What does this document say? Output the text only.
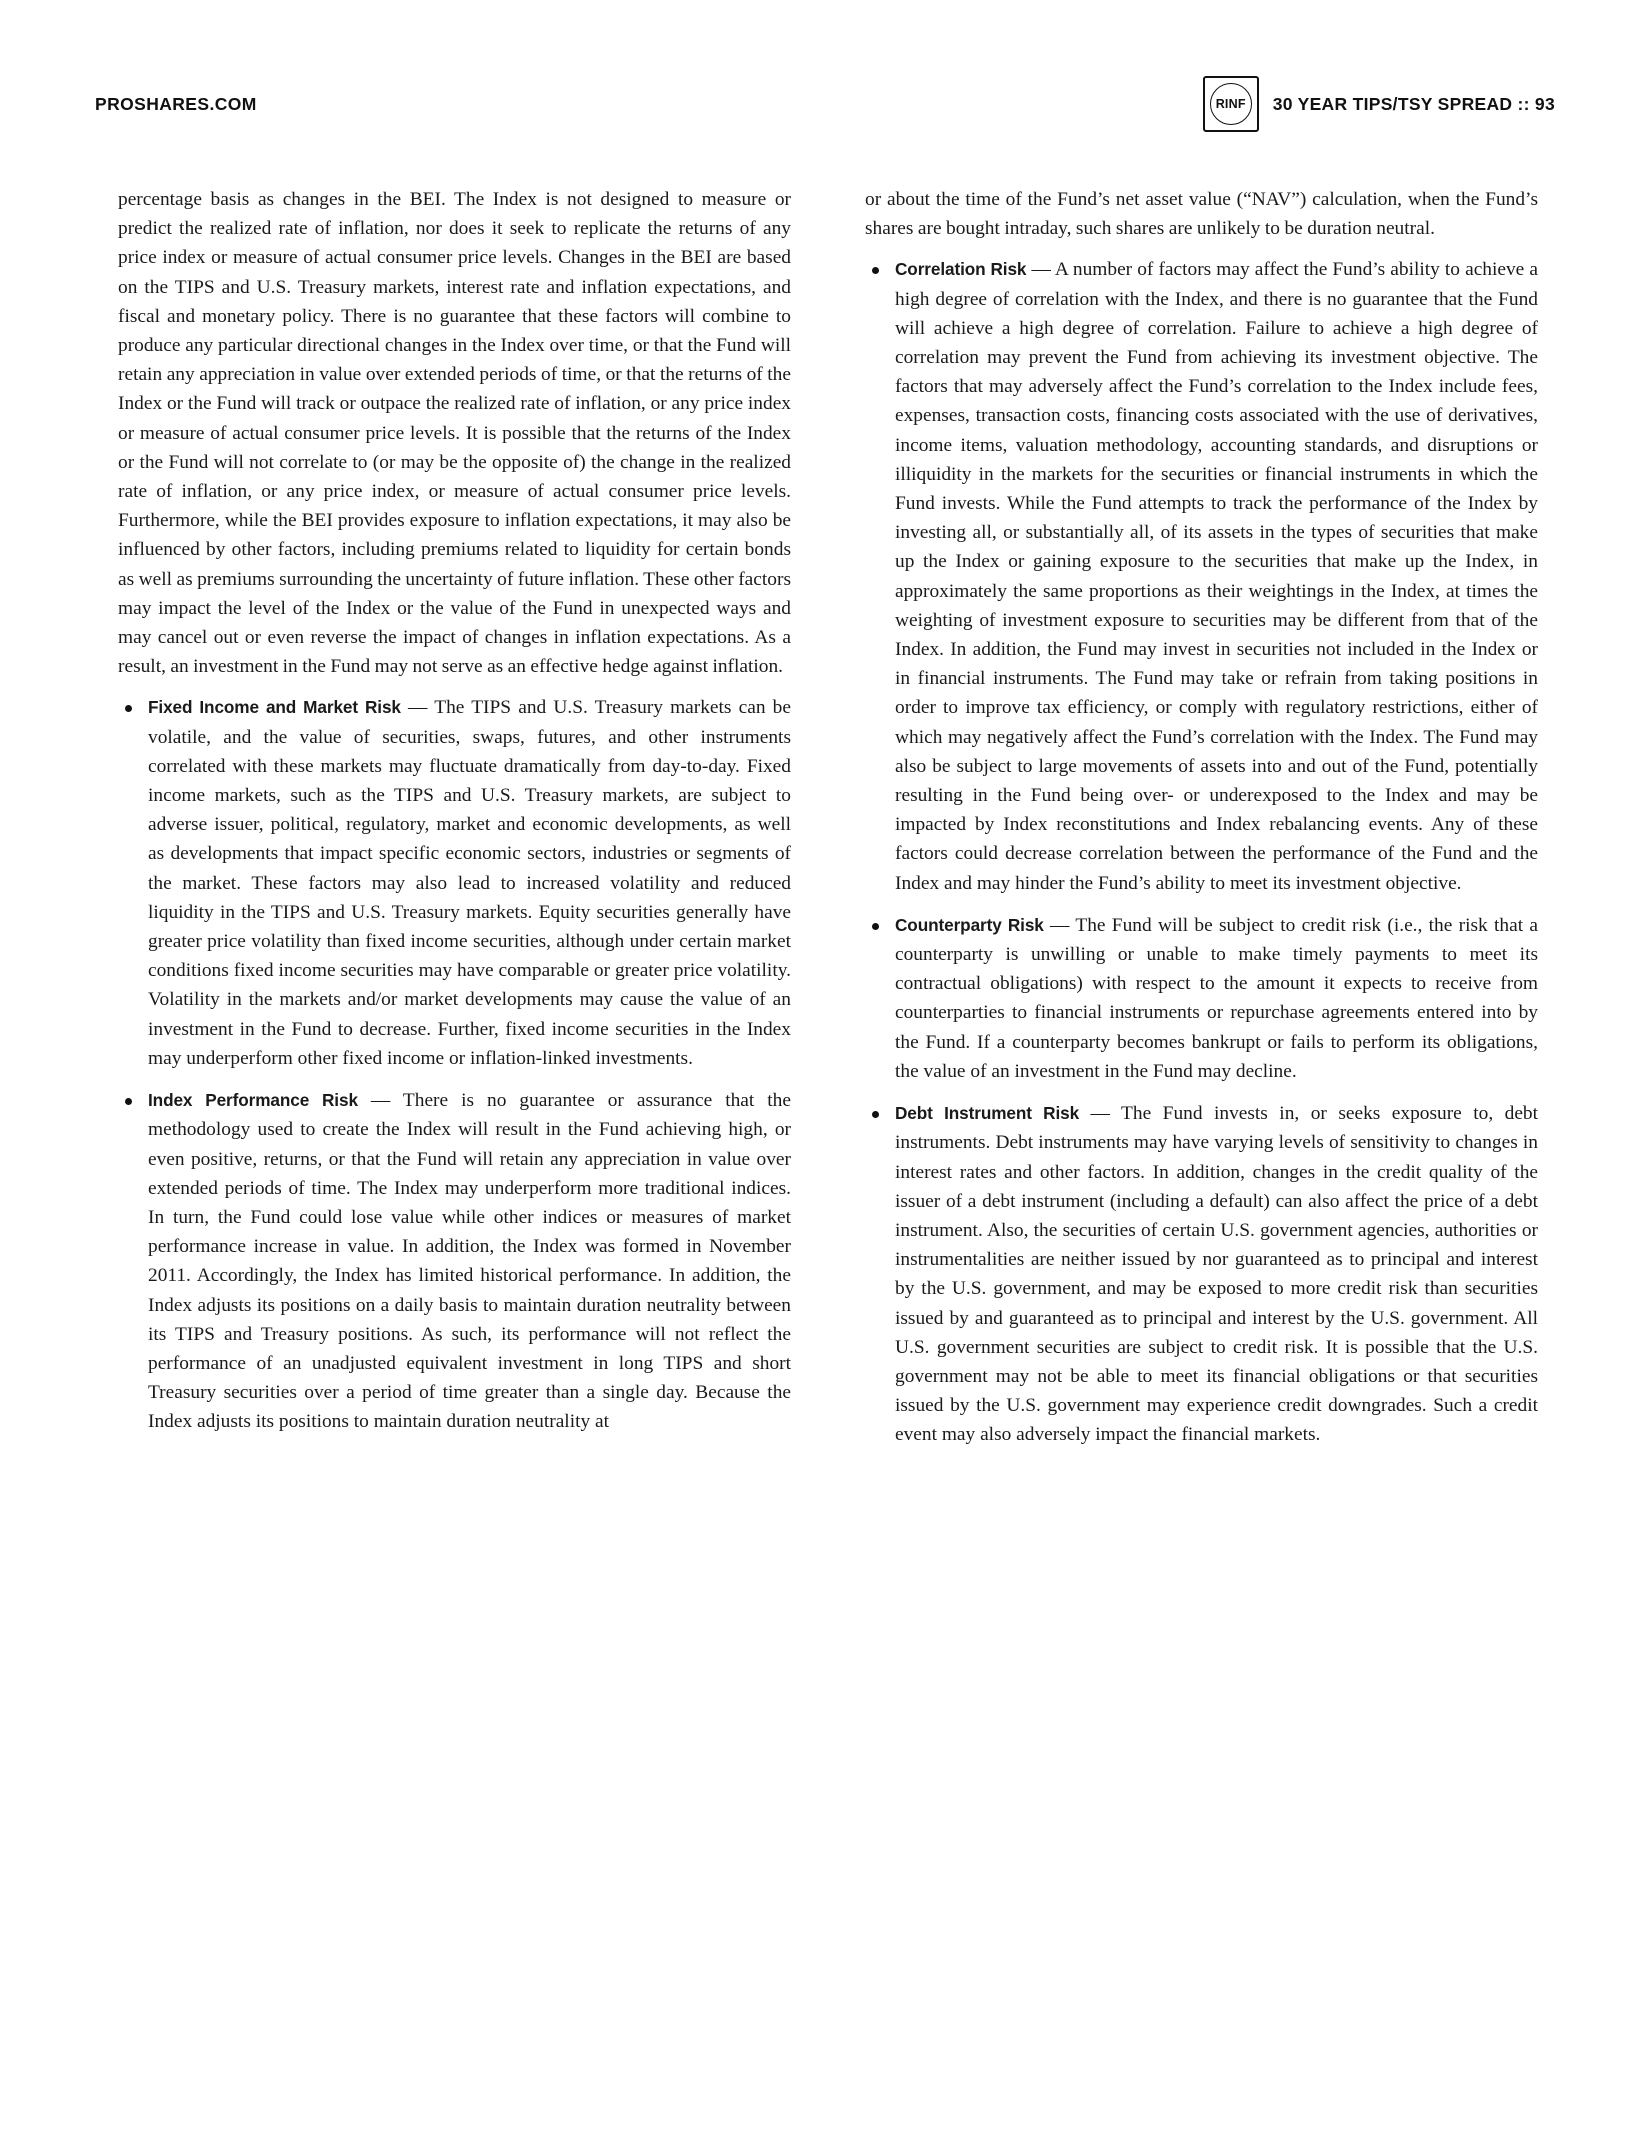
PROSHARES.COM	RINF	30 YEAR TIPS/TSY SPREAD :: 93

percentage basis as changes in the BEI. The Index is not designed to measure or predict the realized rate of inflation, nor does it seek to replicate the returns of any price index or measure of actual consumer price levels. Changes in the BEI are based on the TIPS and U.S. Treasury markets, interest rate and inflation expectations, and fiscal and monetary policy. There is no guarantee that these factors will combine to produce any particular directional changes in the Index over time, or that the Fund will retain any appreciation in value over extended periods of time, or that the returns of the Index or the Fund will track or outpace the realized rate of inflation, or any price index or measure of actual consumer price levels. It is possible that the returns of the Index or the Fund will not correlate to (or may be the opposite of) the change in the realized rate of inflation, or any price index, or measure of actual consumer price levels. Furthermore, while the BEI provides exposure to inflation expectations, it may also be influenced by other factors, including premiums related to liquidity for certain bonds as well as premiums surrounding the uncertainty of future inflation. These other factors may impact the level of the Index or the value of the Fund in unexpected ways and may cancel out or even reverse the impact of changes in inflation expectations. As a result, an investment in the Fund may not serve as an effective hedge against inflation.

Fixed Income and Market Risk — The TIPS and U.S. Treasury markets can be volatile, and the value of securities, swaps, futures, and other instruments correlated with these markets may fluctuate dramatically from day-to-day. Fixed income markets, such as the TIPS and U.S. Treasury markets, are subject to adverse issuer, political, regulatory, market and economic developments, as well as developments that impact specific economic sectors, industries or segments of the market. These factors may also lead to increased volatility and reduced liquidity in the TIPS and U.S. Treasury markets. Equity securities generally have greater price volatility than fixed income securities, although under certain market conditions fixed income securities may have comparable or greater price volatility. Volatility in the markets and/or market developments may cause the value of an investment in the Fund to decrease. Further, fixed income securities in the Index may underperform other fixed income or inflation-linked investments.
Index Performance Risk — There is no guarantee or assurance that the methodology used to create the Index will result in the Fund achieving high, or even positive, returns, or that the Fund will retain any appreciation in value over extended periods of time. The Index may underperform more traditional indices. In turn, the Fund could lose value while other indices or measures of market performance increase in value. In addition, the Index was formed in November 2011. Accordingly, the Index has limited historical performance. In addition, the Index adjusts its positions on a daily basis to maintain duration neutrality between its TIPS and Treasury positions. As such, its performance will not reflect the performance of an unadjusted equivalent investment in long TIPS and short Treasury securities over a period of time greater than a single day. Because the Index adjusts its positions to maintain duration neutrality at

or about the time of the Fund’s net asset value (“NAV”) calculation, when the Fund’s shares are bought intraday, such shares are unlikely to be duration neutral.

Correlation Risk — A number of factors may affect the Fund’s ability to achieve a high degree of correlation with the Index, and there is no guarantee that the Fund will achieve a high degree of correlation. Failure to achieve a high degree of correlation may prevent the Fund from achieving its investment objective. The factors that may adversely affect the Fund’s correlation to the Index include fees, expenses, transaction costs, financing costs associated with the use of derivatives, income items, valuation methodology, accounting standards, and disruptions or illiquidity in the markets for the securities or financial instruments in which the Fund invests. While the Fund attempts to track the performance of the Index by investing all, or substantially all, of its assets in the types of securities that make up the Index or gaining exposure to the securities that make up the Index, in approximately the same proportions as their weightings in the Index, at times the weighting of investment exposure to securities may be different from that of the Index. In addition, the Fund may invest in securities not included in the Index or in financial instruments. The Fund may take or refrain from taking positions in order to improve tax efficiency, or comply with regulatory restrictions, either of which may negatively affect the Fund’s correlation with the Index. The Fund may also be subject to large movements of assets into and out of the Fund, potentially resulting in the Fund being over- or underexposed to the Index and may be impacted by Index reconstitutions and Index rebalancing events. Any of these factors could decrease correlation between the performance of the Fund and the Index and may hinder the Fund’s ability to meet its investment objective.
Counterparty Risk — The Fund will be subject to credit risk (i.e., the risk that a counterparty is unwilling or unable to make timely payments to meet its contractual obligations) with respect to the amount it expects to receive from counterparties to financial instruments or repurchase agreements entered into by the Fund. If a counterparty becomes bankrupt or fails to perform its obligations, the value of an investment in the Fund may decline.
Debt Instrument Risk — The Fund invests in, or seeks exposure to, debt instruments. Debt instruments may have varying levels of sensitivity to changes in interest rates and other factors. In addition, changes in the credit quality of the issuer of a debt instrument (including a default) can also affect the price of a debt instrument. Also, the securities of certain U.S. government agencies, authorities or instrumentalities are neither issued by nor guaranteed as to principal and interest by the U.S. government, and may be exposed to more credit risk than securities issued by and guaranteed as to principal and interest by the U.S. government. All U.S. government securities are subject to credit risk. It is possible that the U.S. government may not be able to meet its financial obligations or that securities issued by the U.S. government may experience credit downgrades. Such a credit event may also adversely impact the financial markets.
